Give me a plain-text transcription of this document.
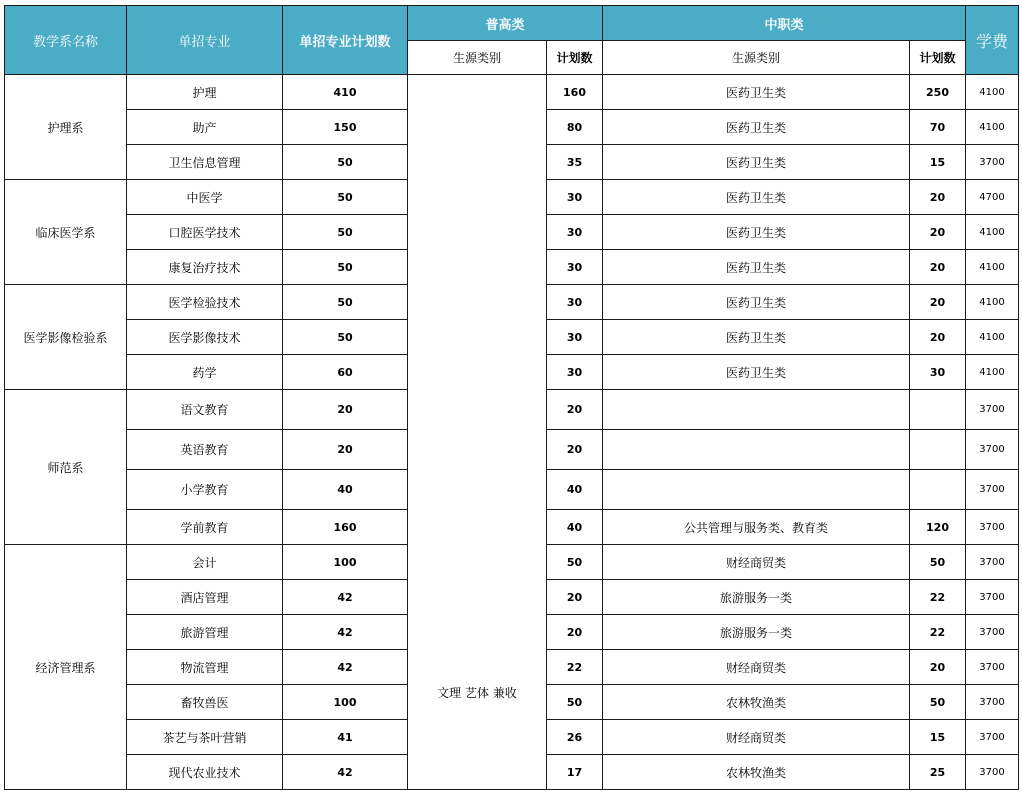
教学系名称	单招专业	单招专业计划数	普高类		中职类		学费
			生源类别	计划数	生源类别	计划数	
护理系	护理	410	文理 艺体 兼收	160	医药卫生类	250	4100
	助产	150		80	医药卫生类	70	4100
	卫生信息管理	50		35	医药卫生类	15	3700
临床医学系	中医学	50		30	医药卫生类	20	4700
	口腔医学技术	50		30	医药卫生类	20	4100
	康复治疗技术	50		30	医药卫生类	20	4100
医学影像检验系	医学检验技术	50		30	医药卫生类	20	4100
	医学影像技术	50		30	医药卫生类	20	4100
	药学	60		30	医药卫生类	30	4100
师范系	语文教育	20		20			3700
	英语教育	20		20			3700
	小学教育	40		40			3700
	学前教育	160		40	公共管理与服务类、教育类	120	3700
经济管理系	会计	100		50	财经商贸类	50	3700
	酒店管理	42		20	旅游服务一类	22	3700
	旅游管理	42		20	旅游服务一类	22	3700
	物流管理	42		22	财经商贸类	20	3700
	畜牧兽医	100		50	农林牧渔类	50	3700
	茶艺与茶叶营销	41		26	财经商贸类	15	3700
	现代农业技术	42		17	农林牧渔类	25	3700
